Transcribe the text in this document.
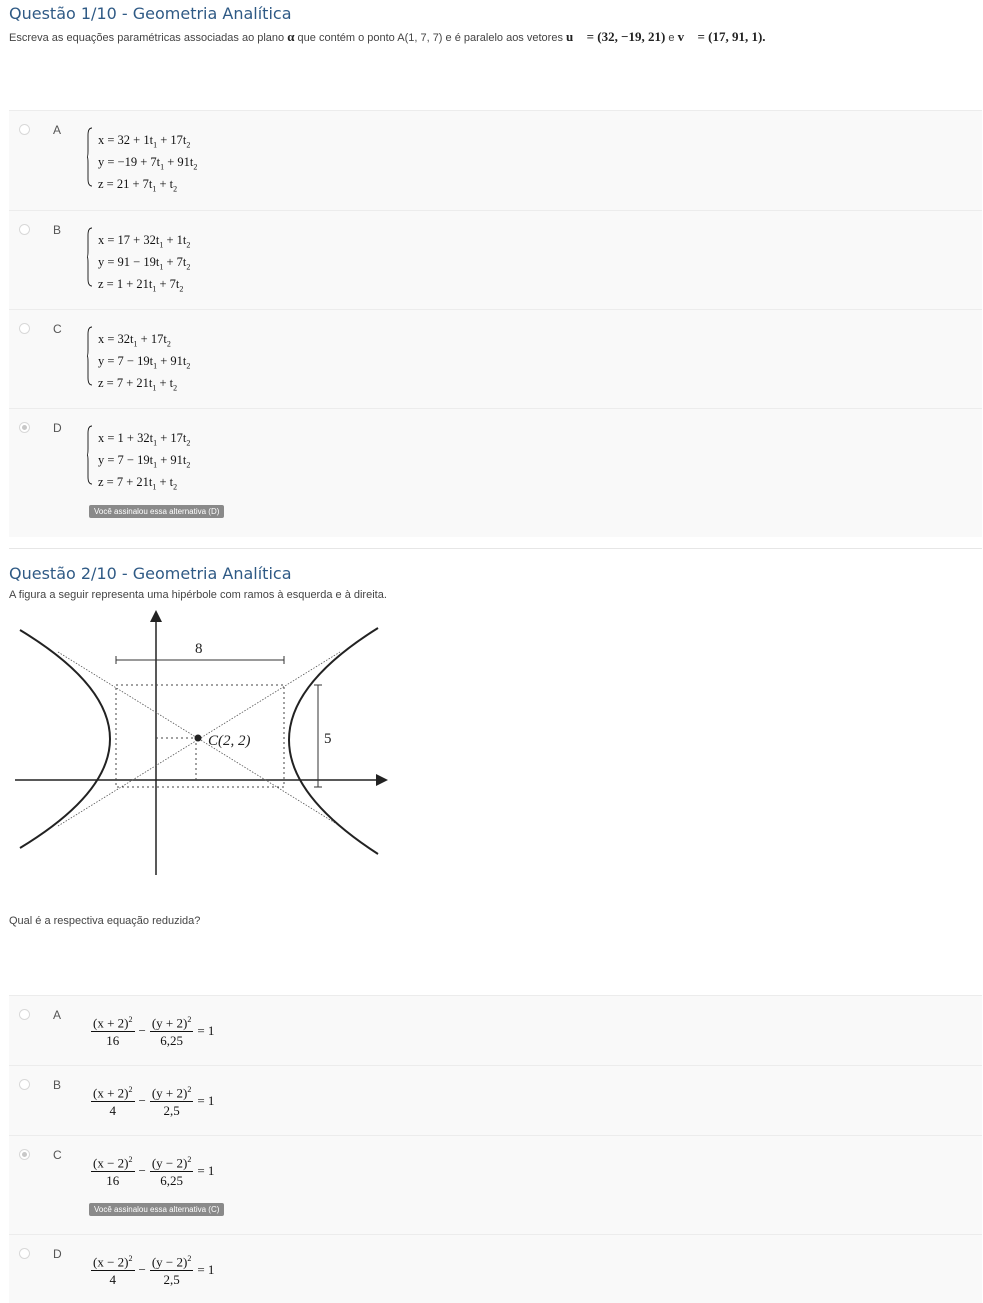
Questão 1/10 - Geometria Analítica
Escreva as equações paramétricas associadas ao plano α que contém o ponto A(1, 7, 7) e é paralelo aos vetores u⃗ = (32, −19, 21) e v⃗ = (17, 91, 1).
A
$x = 32 + 1t_1 + 17t_2$
$y = -19 + 7t_1 + 91t_2$
$z = 21 + 7t_1 + t_2$
B
$x = 17 + 32t_1 + 1t_2$
$y = 91 - 19t_1 + 7t_2$
$z = 1 + 21t_1 + 7t_2$
C
$x = 32t_1 + 17t_2$
$y = 7 - 19t_1 + 91t_2$
$z = 7 + 21t_1 + t_2$
D
$x = 1 + 32t_1 + 17t_2$
$y = 7 - 19t_1 + 91t_2$
$z = 7 + 21t_1 + t_2$
Você assinalou essa alternativa (D)
Questão 2/10 - Geometria Analítica
A figura a seguir representa uma hipérbole com ramos à esquerda e à direita.
C(2, 2)
8
5
Qual é a respectiva equação reduzida?
A $\frac{(x + 2)^2}{16} - \frac{(y + 2)^2}{6,25} = 1$
B $\frac{(x + 2)^2}{4} - \frac{(y + 2)^2}{2,5} = 1$
C $\frac{(x - 2)^2}{16} - \frac{(y - 2)^2}{6,25} = 1$
Você assinalou essa alternativa (C)
D $\frac{(x - 2)^2}{4} - \frac{(y - 2)^2}{2,5} = 1$
